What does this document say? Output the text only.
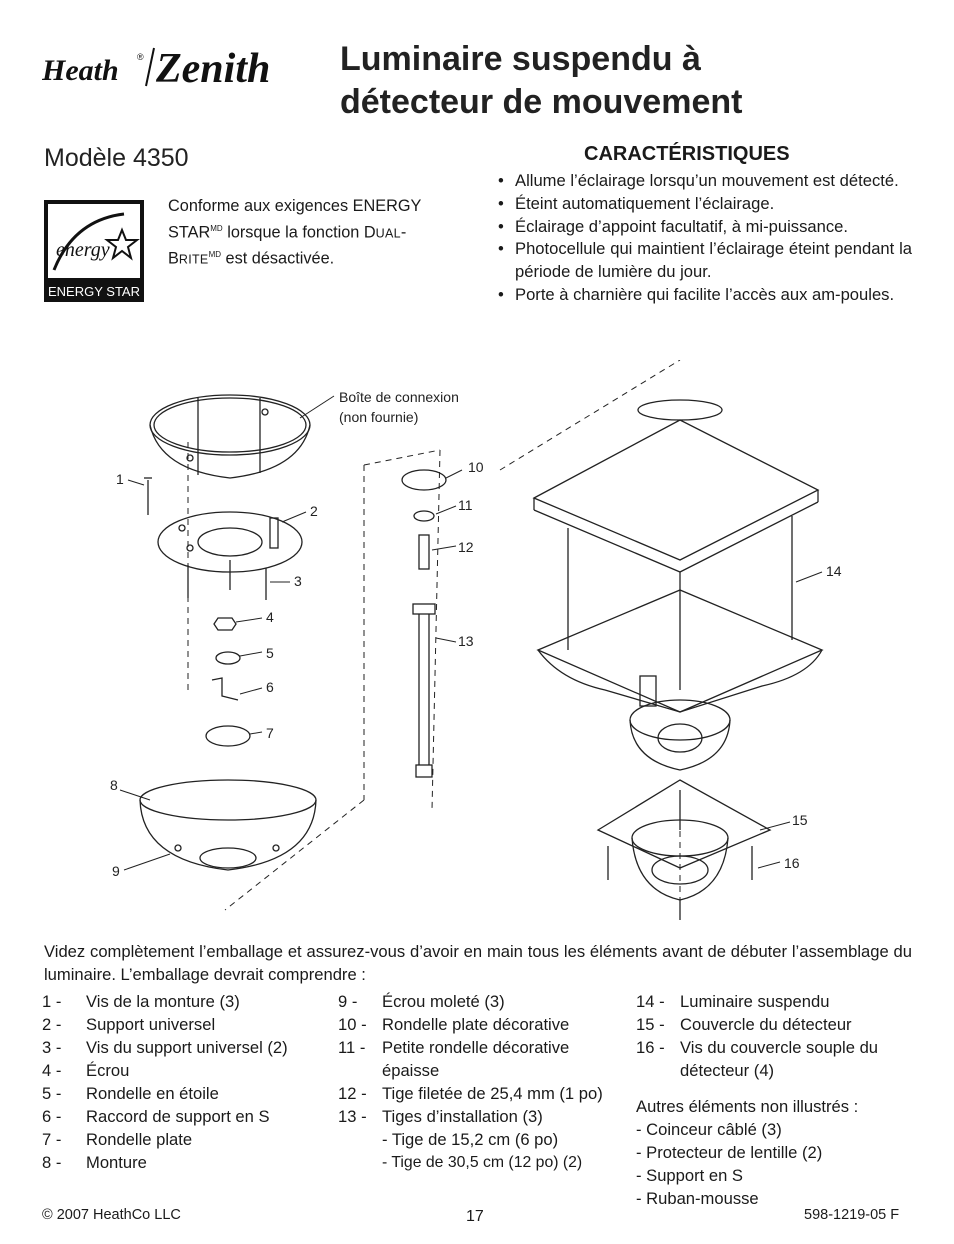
Heath ® Zenith Luminaire suspendu à
détecteur de mouvement
Modèle 4350
energy
ENERGY STAR
Conforme aux exigences ENERGY $STAR^{MD}$ lorsque la fonction DUAL-$BRITE^{MD}$ est désactivée.
CARACTÉRISTIQUES
• Allume l’éclairage lorsqu’un mouvement est détecté.
• Éteint automatiquement l’éclairage.
• Éclairage d’appoint facultatif, à mi-puissance.
• Photocellule qui maintient l’éclairage éteint pendant la période de lumière du jour.
• Porte à charnière qui facilite l’accès aux am-poules.
Boîte de connexion
(non fournie)
1
2
3
4
5
6
7
8
9
10
11
12
13
14
15
16
Videz complètement l’emballage et assurez-vous d’avoir en main tous les éléments avant de débuter l’assemblage du luminaire. L’emballage devrait comprendre :
1 -	Vis de la monture (3)
2 -	Support universel
3 -	Vis du support universel (2)
4 -	Écrou
5 -	Rondelle en étoile
6 -	Raccord de support en S
7 -	Rondelle plate
8 -	Monture
9 -	Écrou moleté (3)
10 - Rondelle plate décorative
11 -	Petite rondelle décorative épaisse
12 - Tige filetée de 25,4 mm (1 po)
13 - Tiges d’installation (3)
- Tige de 15,2 cm (6 po)
- Tige de 30,5 cm (12 po) (2)
14 - Luminaire suspendu
15 - Couvercle du détecteur
16 - Vis du couvercle souple du détecteur (4)
Autres éléments non illustrés :
- Coinceur câblé (3)
- Protecteur de lentille (2)
- Support en S
- Ruban-mousse
© 2007 HeathCo LLC	17	598-1219-05 F
